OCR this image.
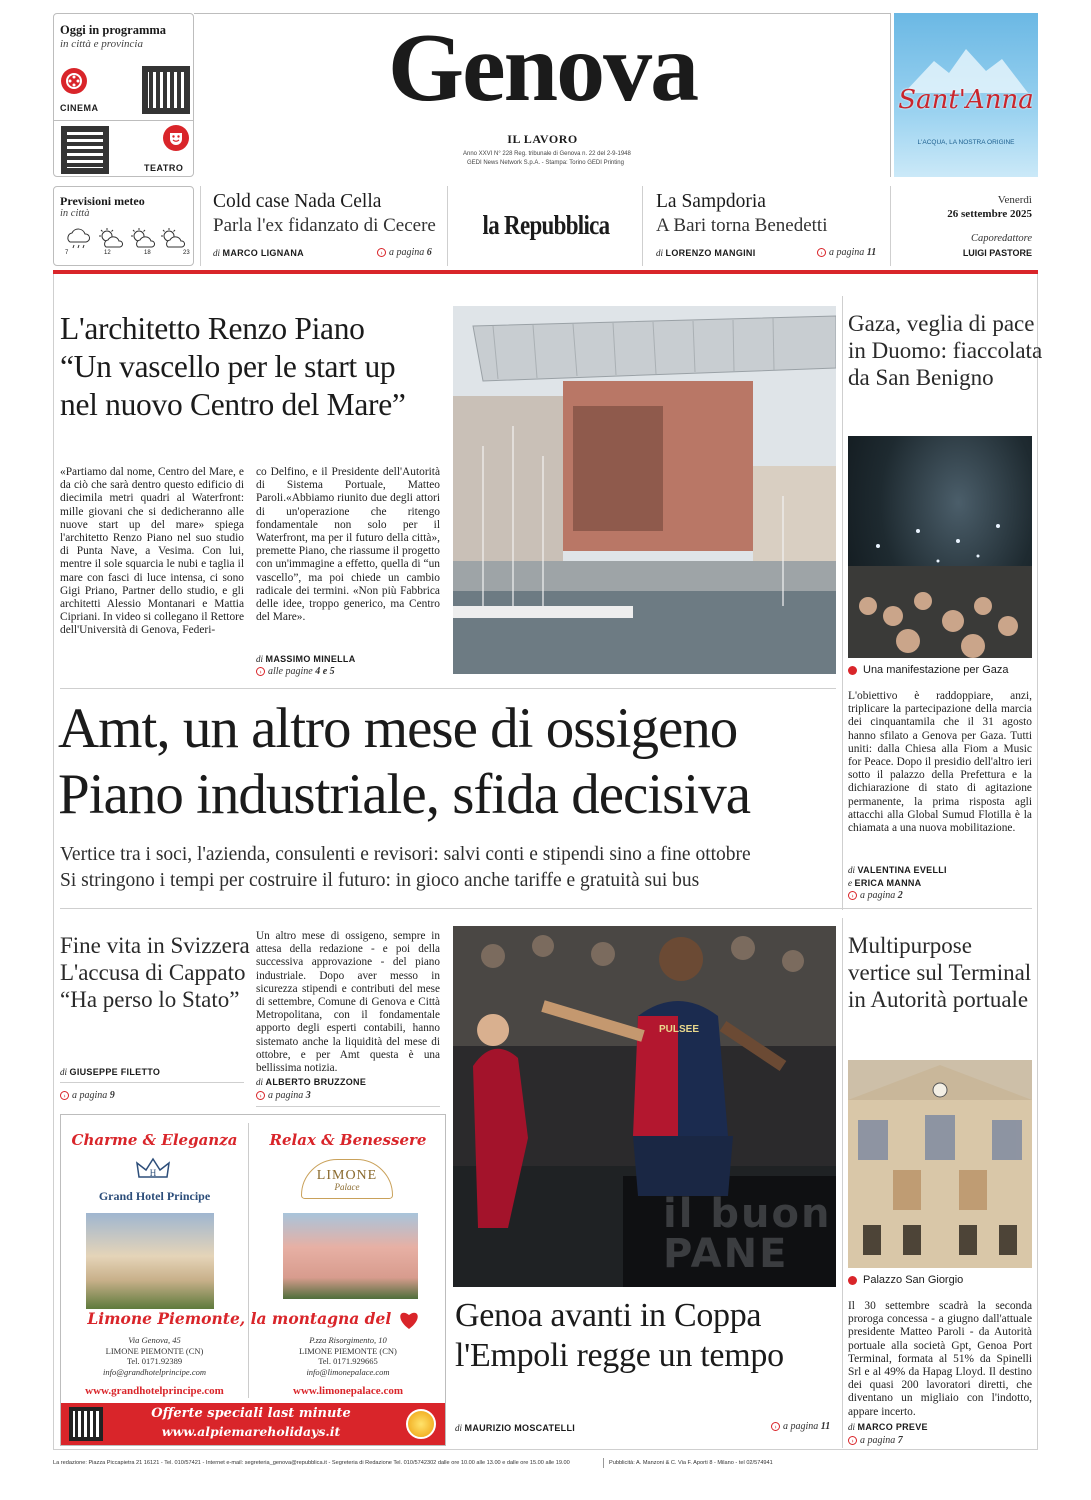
Oggi in programma
in città e provincia
CINEMA
TEATRO
Genova
IL LAVORO
Anno XXVI N° 228 Reg. tribunale di Genova n. 22 del 2-9-1948
GEDI News Network S.p.A. - Stampa: Torino GEDI Printing
Sant'Anna
L'ACQUA, LA NOSTRA ORIGINE
Previsioni meteo
in città
7	12	18	23
Cold case Nada Cella
Parla l'ex fidanzato di Cecere
di MARCO LIGNANA	› a pagina 6
la Repubblica
La Sampdoria
A Bari torna Benedetti
di LORENZO MANGINI	› a pagina 11
Venerdì
26 settembre 2025
Caporedattore
LUIGI PASTORE
L'architetto Renzo Piano
“Un vascello per le start up
nel nuovo Centro del Mare”
«Partiamo dal nome, Centro del Mare, e da ciò che sarà dentro questo edificio di diecimila metri quadri al Waterfront: mille giovani che si dedicheranno alle nuove start up del mare» spiega l'architetto Renzo Piano nel suo studio di Punta Nave, a Vesima. Con lui, mentre il sole squarcia le nubi e taglia il mare con fasci di luce intensa, ci sono Gigi Priano, Partner dello studio, e gli architetti Alessio Montanari e Mattia Cipriani. In video si collegano il Rettore dell'Università di Genova, Federi-
co Delfino, e il Presidente dell'Autorità di Sistema Portuale, Matteo Paroli.«Abbiamo riunito due degli attori di un'operazione che ritengo fondamentale non solo per il Waterfront, ma per il futuro della città», premette Piano, che riassume il progetto con un'immagine a effetto, quella di “un vascello”, ma poi chiede un cambio radicale dei termini. «Non più Fabbrica delle idee, troppo generico, ma Centro del Mare».
di MASSIMO MINELLA
› alle pagine 4 e 5
Gaza, veglia di pace
in Duomo: fiaccolata
da San Benigno
Una manifestazione per Gaza
L'obiettivo è raddoppiare, anzi, triplicare la partecipazione della marcia dei cinquantamila che il 31 agosto hanno sfilato a Genova per Gaza. Tutti uniti: dalla Chiesa alla Fiom a Music for Peace. Dopo il presidio dell'altro ieri sotto il palazzo della Prefettura e la dichiarazione di stato di agitazione permanente, la prima risposta agli attacchi alla Global Sumud Flotilla è la chiamata a una nuova mobilitazione.
di VALENTINA EVELLI
e ERICA MANNA
› a pagina 2
Amt, un altro mese di ossigeno
Piano industriale, sfida decisiva
Vertice tra i soci, l'azienda, consulenti e revisori: salvi conti e stipendi sino a fine ottobre
Si stringono i tempi per costruire il futuro: in gioco anche tariffe e gratuità sui bus
Fine vita in Svizzera
L'accusa di Cappato
“Ha perso lo Stato”
di GIUSEPPE FILETTO
› a pagina 9
Un altro mese di ossigeno, sempre in attesa della redazione - e poi della successiva approvazione - del piano industriale. Dopo aver messo in sicurezza stipendi e contributi del mese di settembre, Comune di Genova e Città Metropolitana, con il fondamentale apporto degli esperti contabili, hanno sistemato anche la liquidità del mese di ottobre, e per Amt questa è una bellissima notizia.
di ALBERTO BRUZZONE
› a pagina 3
PULSEE
il buon PANE
Genoa avanti in Coppa
l'Empoli regge un tempo
di MAURIZIO MOSCATELLI	› a pagina 11
Multipurpose
vertice sul Terminal
in Autorità portuale
Palazzo San Giorgio
Il 30 settembre scadrà la seconda proroga concessa - a giugno dall'attuale presidente Matteo Paroli - da Autorità portuale alla società Gpt, Genoa Port Terminal, formata al 51% da Spinelli Srl e al 49% da Hapag Lloyd. Il destino dei quasi 200 lavoratori diretti, che diventano un migliaio con l'indotto, appare incerto.
di MARCO PREVE
› a pagina 7
Charme & Eleganza
H
Grand Hotel Principe
Relax & Benessere
LIMONE
Palace
Limone Piemonte, la montagna del
Via Genova, 45
LIMONE PIEMONTE (CN)
Tel. 0171.92389
info@grandhotelprincipe.com
P.zza Risorgimento, 10
LIMONE PIEMONTE (CN)
Tel. 0171.929665
info@limonepalace.com
www.grandhotelprincipe.com	www.limonepalace.com
Offerte speciali last minute
www.alpiemareholidays.it
La redazione: Piazza Piccapietra 21 16121 - Tel. 010/57421 - Internet e-mail: segreteria_genova@repubblica.it - Segreteria di Redazione Tel. 010/5742302 dalle ore 10.00 alle 13.00 e dalle ore 15.00 alle 19.00	Pubblicità: A. Manzoni & C. Via F. Aporti 8 - Milano - tel 02/574941
